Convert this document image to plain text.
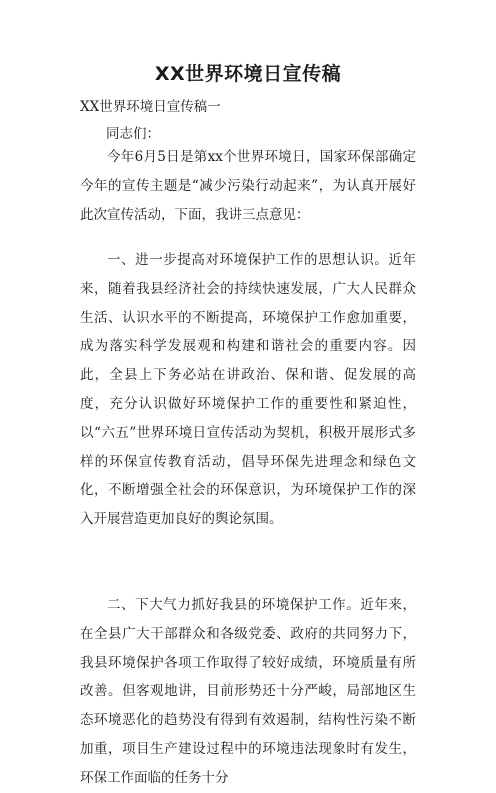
XX世界环境日宣传稿
XX世界环境日宣传稿一
同志们：

今年6月5日是第xx个世界环境日，国家环保部确定今年的宣传主题是“减少污染行动起来”，为认真开展好此次宣传活动，下面，我讲三点意见：

一、进一步提高对环境保护工作的思想认识。近年来，随着我县经济社会的持续快速发展，广大人民群众生活、认识水平的不断提高，环境保护工作愈加重要，成为落实科学发展观和构建和谐社会的重要内容。因此，全县上下务必站在讲政治、保和谐、促发展的高度，充分认识做好环境保护工作的重要性和紧迫性，以“六五”世界环境日宣传活动为契机，积极开展形式多样的环保宣传教育活动，倡导环保先进理念和绿色文化，不断增强全社会的环保意识，为环境保护工作的深入开展营造更加良好的舆论氛围。

二、下大气力抓好我县的环境保护工作。近年来，在全县广大干部群众和各级党委、政府的共同努力下，我县环境保护各项工作取得了较好成绩，环境质量有所改善。但客观地讲，目前形势还十分严峻，局部地区生态环境恶化的趋势没有得到有效遏制，结构性污染不断加重，项目生产建设过程中的环境违法现象时有发生，环保工作面临的任务十分
